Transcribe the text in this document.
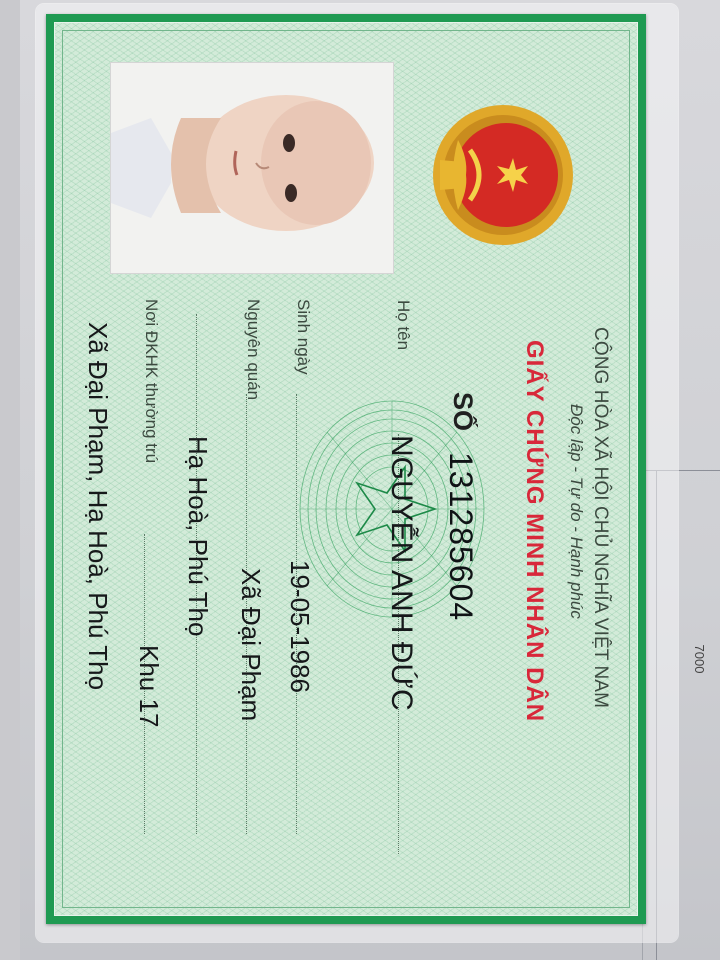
7000
CỘNG HÒA XÃ HỘI CHỦ NGHĨA VIỆT NAM
Độc lập - Tự do - Hạnh phúc
GIẤY CHỨNG MINH NHÂN DÂN
SỐ
131285604
Họ tên
NGUYỄN ANH ĐỨC
Sinh ngày
19-05-1986
Nguyên quán
Xã Đại Phạm
Hạ Hoà, Phú Thọ
Nơi ĐKHK thường trú
Khu 17
Xã Đại Phạm, Hạ Hoà, Phú Thọ
